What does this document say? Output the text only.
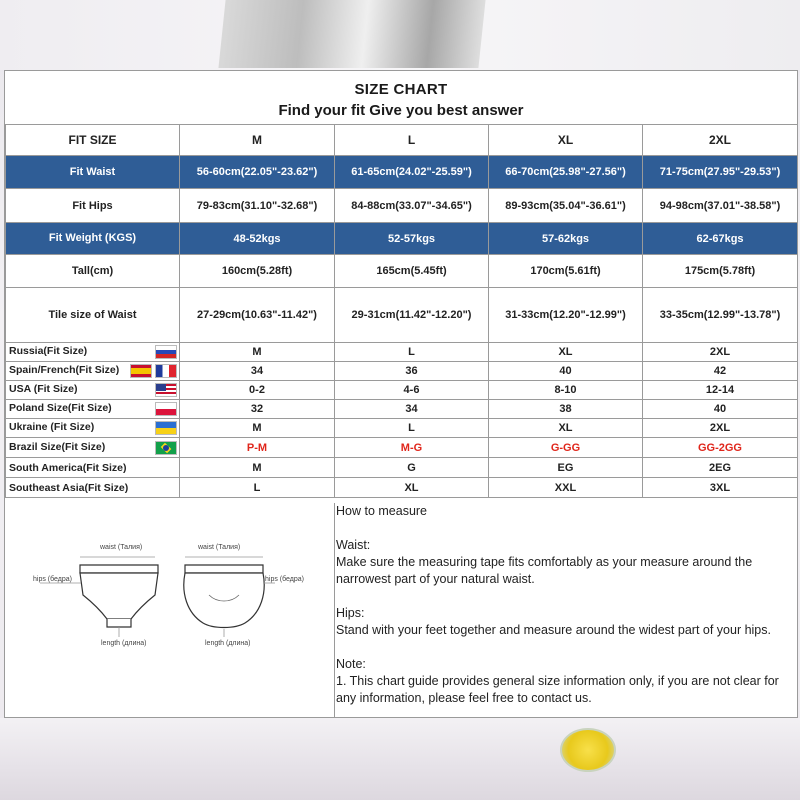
SIZE CHART
Find your fit Give you best answer
FIT SIZE	M	L	XL	2XL
Fit Waist	56-60cm(22.05"-23.62")	61-65cm(24.02"-25.59")	66-70cm(25.98"-27.56")	71-75cm(27.95"-29.53")
Fit Hips	79-83cm(31.10"-32.68")	84-88cm(33.07"-34.65")	89-93cm(35.04"-36.61")	94-98cm(37.01"-38.58")
Fit Weight (KGS)	48-52kgs	52-57kgs	57-62kgs	62-67kgs
Tall(cm)	160cm(5.28ft)	165cm(5.45ft)	170cm(5.61ft)	175cm(5.78ft)
Tile size of Waist	27-29cm(10.63"-11.42")	29-31cm(11.42"-12.20")	31-33cm(12.20"-12.99")	33-35cm(12.99"-13.78")
Russia(Fit Size)	M	L	XL	2XL
Spain/French(Fit Size)	34	36	40	42
USA (Fit Size)	0-2	4-6	8-10	12-14
Poland Size(Fit Size)	32	34	38	40
Ukraine (Fit Size)	M	L	XL	2XL
Brazil Size(Fit Size)	P-M	M-G	G-GG	GG-2GG
South America(Fit Size)	M	G	EG	2EG
Southeast Asia(Fit Size)	L	XL	XXL	3XL
waist (Талия)
hips (бедра)
length (длина)
waist (Талия)
hips (бедра)
length (длина)

How to measure

Waist:

Make sure the measuring tape fits comfortably as your measure around the narrowest part of your natural waist.

Hips:

Stand with your feet together and measure around the widest part of your hips.

Note:

1. This chart guide provides general size information only, if you are not clear for any information, please feel free to contact us.
